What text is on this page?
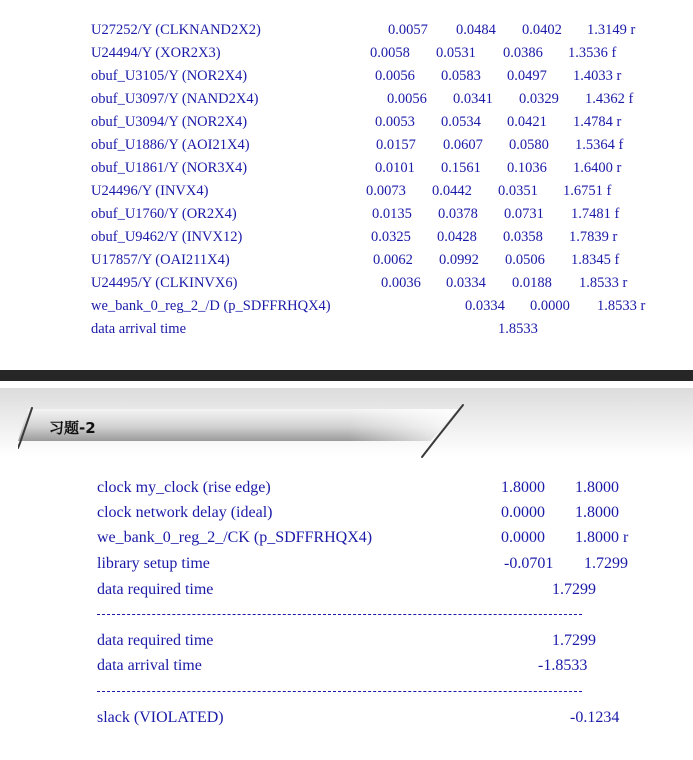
U27252/Y (CLKNAND2X2)	0.0057 0.0484 0.0402 1.3149 r
U24494/Y (XOR2X3)	0.0058 0.0531 0.0386 1.3536 f
obuf_U3105/Y (NOR2X4)	0.0056 0.0583 0.0497 1.4033 r
obuf_U3097/Y (NAND2X4)	0.0056 0.0341 0.0329 1.4362 f
obuf_U3094/Y (NOR2X4)	0.0053 0.0534 0.0421 1.4784 r
obuf_U1886/Y (AOI21X4)	0.0157 0.0607 0.0580 1.5364 f
obuf_U1861/Y (NOR3X4)	0.0101 0.1561 0.1036 1.6400 r
U24496/Y (INVX4)	0.0073 0.0442 0.0351 1.6751 f
obuf_U1760/Y (OR2X4)	0.0135 0.0378 0.0731 1.7481 f
obuf_U9462/Y (INVX12)	0.0325 0.0428 0.0358 1.7839 r
U17857/Y (OAI211X4)	0.0062 0.0992 0.0506 1.8345 f
U24495/Y (CLKINVX6)	0.0036 0.0334 0.0188 1.8533 r
we_bank_0_reg_2_/D (p_SDFFRHQX4)	0.0334 0.0000 1.8533 r
data arrival time	1.8533
习题-2
clock my_clock (rise edge)	1.8000 1.8000
clock network delay (ideal)	0.0000 1.8000
we_bank_0_reg_2_/CK (p_SDFFRHQX4)	0.0000 1.8000 r
library setup time	-0.0701 1.7299
data required time	1.7299
data required time	1.7299
data arrival time	-1.8533
slack (VIOLATED)	-0.1234
